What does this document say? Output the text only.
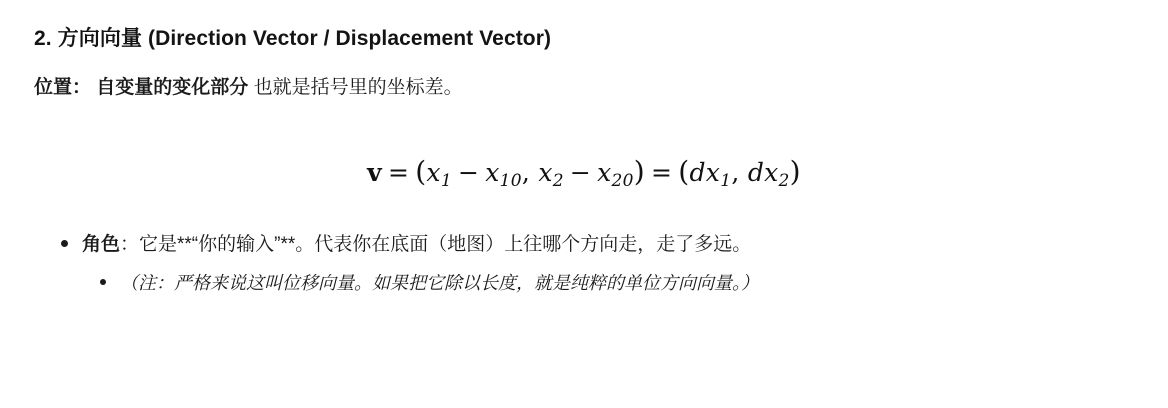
2. 方向向量 (Direction Vector / Displacement Vector)

位置： 自变量的变化部分 也就是括号里的坐标差。

$v = (x_1 - x_{10}$, $x_2 - x_{20}) = (dx_1$, $dx_2$)
角色：它是**“你的输入”**。代表你在底面（地图）上往哪个方向走，走了多远。
（注：严格来说这叫位移向量。如果把它除以长度，就是纯粹的单位方向向量。）
